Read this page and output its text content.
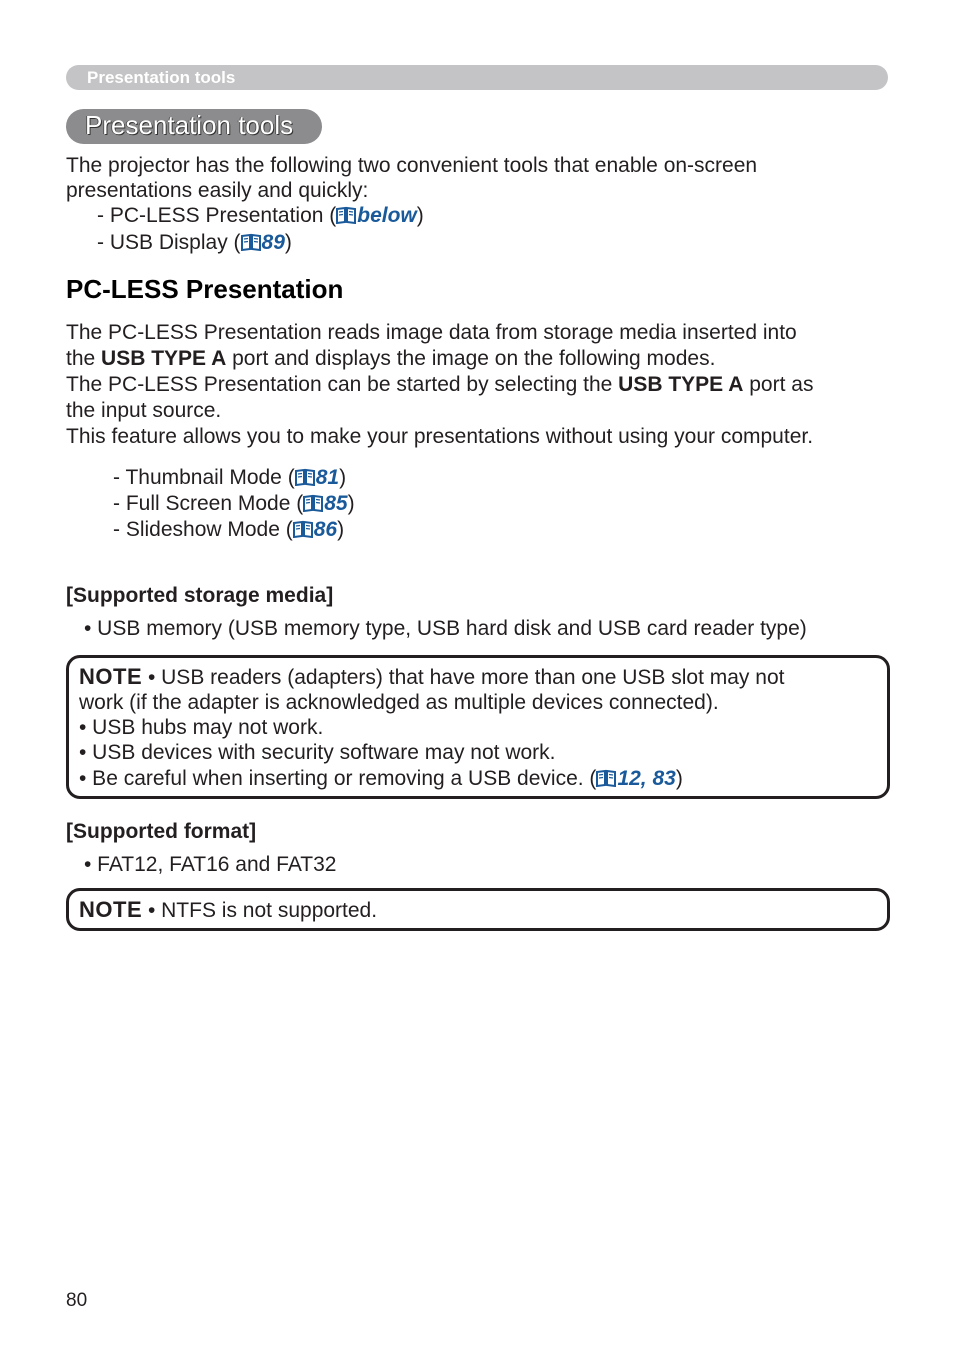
Presentation tools
Presentation tools
The projector has the following two convenient tools that enable on-screen
presentations easily and quickly:
- PC-LESS Presentation ( below)
- USB Display ( 89)
PC-LESS Presentation
The PC-LESS Presentation reads image data from storage media inserted into
the USB TYPE A port and displays the image on the following modes.
The PC-LESS Presentation can be started by selecting the USB TYPE A port as
the input source.
This feature allows you to make your presentations without using your computer.
- Thumbnail Mode ( 81)
- Full Screen Mode ( 85)
- Slideshow Mode ( 86)
[Supported storage media]
• USB memory (USB memory type, USB hard disk and USB card reader type)
NOTE • USB readers (adapters) that have more than one USB slot may not
work (if the adapter is acknowledged as multiple devices connected).
• USB hubs may not work.
• USB devices with security software may not work.
• Be careful when inserting or removing a USB device. ( 12, 83)
[Supported format]
• FAT12, FAT16 and FAT32
NOTE • NTFS is not supported.
80
